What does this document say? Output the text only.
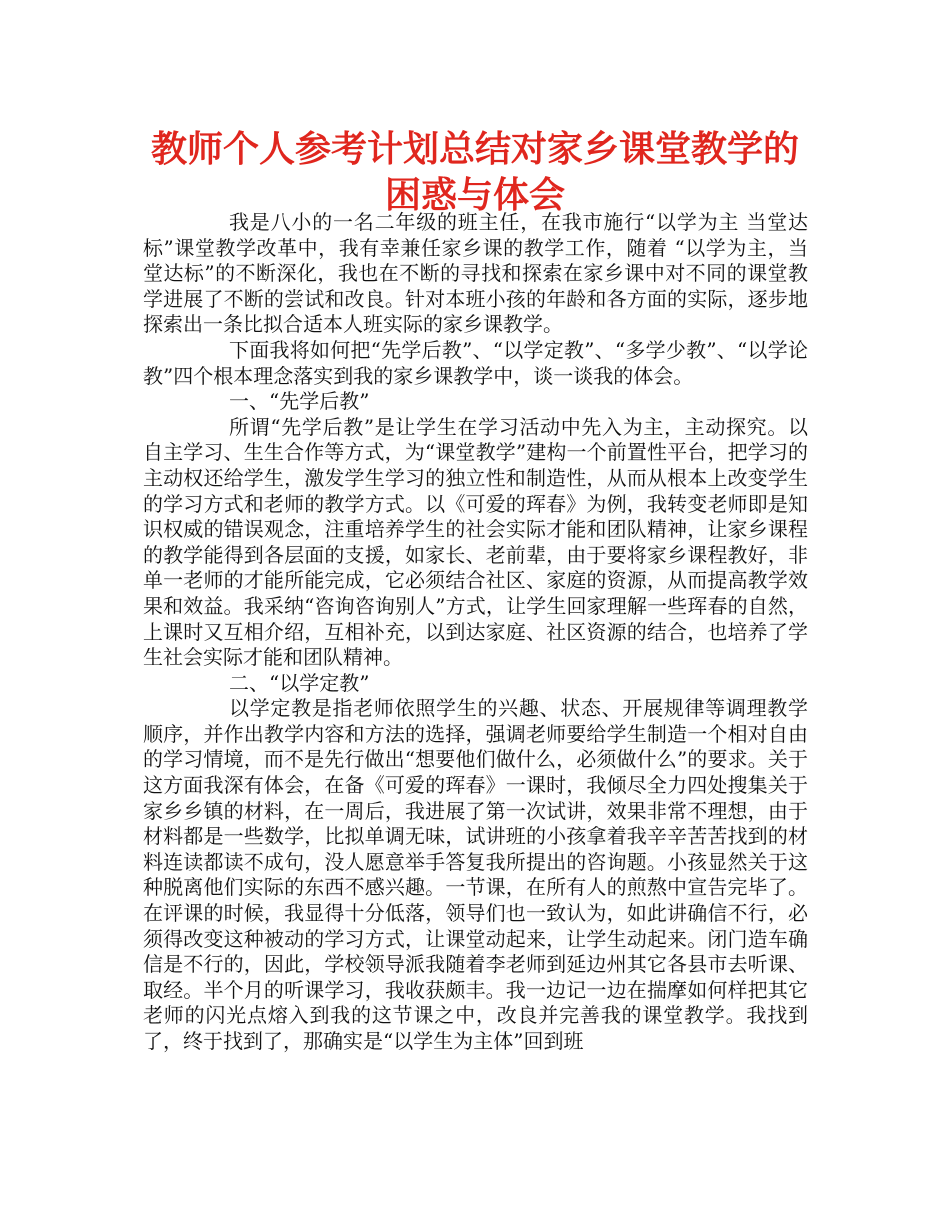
教师个人参考计划总结对家乡课堂教学的
困惑与体会

我是八小的一名二年级的班主任，在我市施行“以学为主 当堂达标”课堂教学改革中，我有幸兼任家乡课的教学工作，随着 “以学为主，当堂达标”的不断深化，我也在不断的寻找和探索在家乡课中对不同的课堂教学进展了不断的尝试和改良。针对本班小孩的年龄和各方面的实际，逐步地探索出一条比拟合适本人班实际的家乡课教学。

下面我将如何把“先学后教”、“以学定教”、“多学少教”、“以学论教”四个根本理念落实到我的家乡课教学中，谈一谈我的体会。

一、“先学后教”

所谓“先学后教”是让学生在学习活动中先入为主，主动探究。以自主学习、生生合作等方式，为“课堂教学”建构一个前置性平台，把学习的主动权还给学生，激发学生学习的独立性和制造性，从而从根本上改变学生的学习方式和老师的教学方式。以《可爱的珲春》为例，我转变老师即是知识权威的错误观念，注重培养学生的社会实际才能和团队精神，让家乡课程的教学能得到各层面的支援，如家长、老前辈，由于要将家乡课程教好，非单一老师的才能所能完成，它必须结合社区、家庭的资源，从而提高教学效果和效益。我采纳“咨询咨询别人”方式，让学生回家理解一些珲春的自然，上课时又互相介绍，互相补充，以到达家庭、社区资源的结合，也培养了学生社会实际才能和团队精神。

二、“以学定教”

以学定教是指老师依照学生的兴趣、状态、开展规律等调理教学顺序，并作出教学内容和方法的选择，强调老师要给学生制造一个相对自由的学习情境，而不是先行做出“想要他们做什么，必须做什么”的要求。关于这方面我深有体会，在备《可爱的珲春》一课时，我倾尽全力四处搜集关于家乡乡镇的材料，在一周后，我进展了第一次试讲，效果非常不理想，由于材料都是一些数学，比拟单调无味，试讲班的小孩拿着我辛辛苦苦找到的材料连读都读不成句，没人愿意举手答复我所提出的咨询题。小孩显然关于这种脱离他们实际的东西不感兴趣。一节课，在所有人的煎熬中宣告完毕了。在评课的时候，我显得十分低落，领导们也一致认为，如此讲确信不行，必须得改变这种被动的学习方式，让课堂动起来，让学生动起来。闭门造车确信是不行的，因此，学校领导派我随着李老师到延边州其它各县市去听课、取经。半个月的听课学习，我收获颇丰。我一边记一边在揣摩如何样把其它老师的闪光点熔入到我的这节课之中，改良并完善我的课堂教学。我找到了，终于找到了，那确实是“以学生为主体”回到班
